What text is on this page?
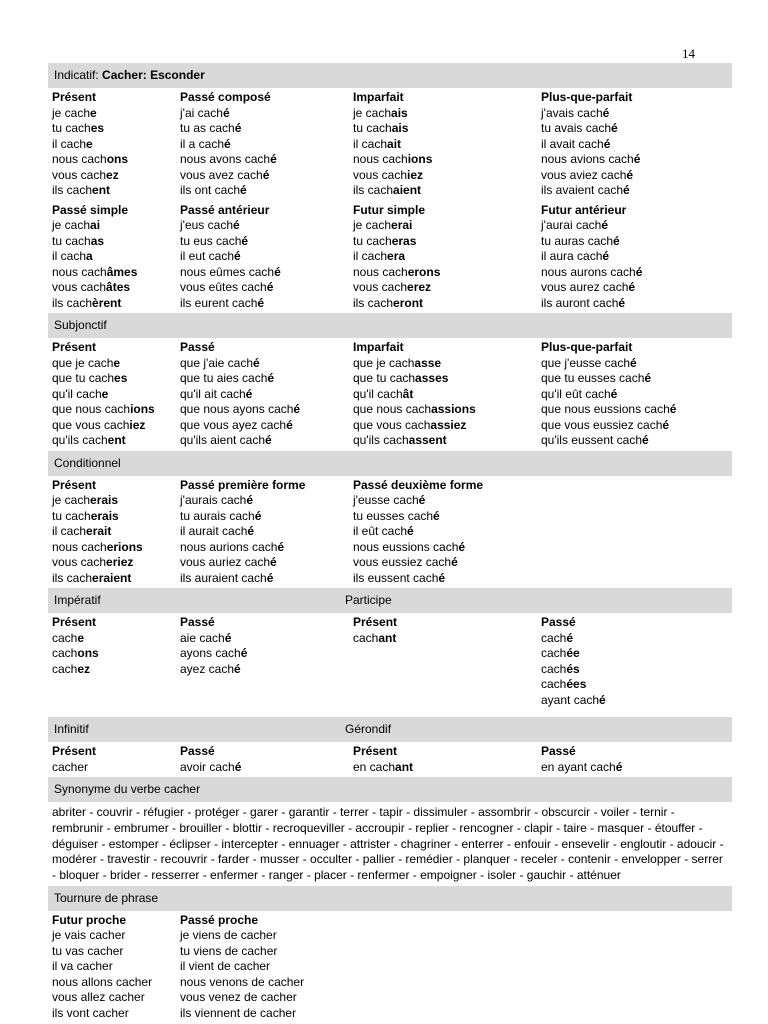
14
Indicatif: Cacher: Esconder
Présent
je cache
tu caches
il cache
nous cachons
vous cachez
ils cachent
Passé composé
j'ai caché
tu as caché
il a caché
nous avons caché
vous avez caché
ils ont caché
Imparfait
je cachais
tu cachais
il cachait
nous cachions
vous cachiez
ils cachaient
Plus-que-parfait
j'avais caché
tu avais caché
il avait caché
nous avions caché
vous aviez caché
ils avaient caché
Passé simple
je cachai
tu cachas
il cacha
nous cachâmes
vous cachâtes
ils cachèrent
Passé antérieur
j'eus caché
tu eus caché
il eut caché
nous eûmes caché
vous eûtes caché
ils eurent caché
Futur simple
je cacherai
tu cacheras
il cachera
nous cacherons
vous cacherez
ils cacheront
Futur antérieur
j'aurai caché
tu auras caché
il aura caché
nous aurons caché
vous aurez caché
ils auront caché
Subjonctif
Présent
que je cache
que tu caches
qu'il cache
que nous cachions
que vous cachiez
qu'ils cachent
Passé
que j'aie caché
que tu aies caché
qu'il ait caché
que nous ayons caché
que vous ayez caché
qu'ils aient caché
Imparfait
que je cachasse
que tu cachasses
qu'il cachât
que nous cachassions
que vous cachassiez
qu'ils cachassent
Plus-que-parfait
que j'eusse caché
que tu eusses caché
qu'il eût caché
que nous eussions caché
que vous eussiez caché
qu'ils eussent caché
Conditionnel
Présent
je cacherais
tu cacherais
il cacherait
nous cacherions
vous cacheriez
ils cacheraient
Passé première forme
j'aurais caché
tu aurais caché
il aurait caché
nous aurions caché
vous auriez caché
ils auraient caché
Passé deuxième forme
j'eusse caché
tu eusses caché
il eût caché
nous eussions caché
vous eussiez caché
ils eussent caché
Impératif	Participe
Présent
cache
cachons
cachez
Passé
aie caché
ayons caché
ayez caché
Présent
cachant
Passé
caché
cachée
cachés
cachées
ayant caché
Infinitif	Gérondif
Présent
cacher
Passé
avoir caché
Présent
en cachant
Passé
en ayant caché
Synonyme du verbe cacher
abriter - couvrir - réfugier - protéger - garer - garantir - terrer - tapir - dissimuler - assombrir - obscurcir - voiler - ternir - rembrunir - embrumer - brouiller - blottir - recroqueviller - accroupir - replier - rencogner - clapir - taire - masquer - étouffer - déguiser - estomper - éclipser - intercepter - ennuager - attrister - chagriner - enterrer - enfouir - ensevelir - engloutir - adoucir - modérer - travestir - recouvrir - farder - musser - occulter - pallier - remédier - planquer - receler - contenir - envelopper - serrer - bloquer - brider - resserrer - enfermer - ranger - placer - renfermer - empoigner - isoler - gauchir - atténuer
Tournure de phrase
Futur proche
je vais cacher
tu vas cacher
il va cacher
nous allons cacher
vous allez cacher
ils vont cacher
Passé proche
je viens de cacher
tu viens de cacher
il vient de cacher
nous venons de cacher
vous venez de cacher
ils viennent de cacher
